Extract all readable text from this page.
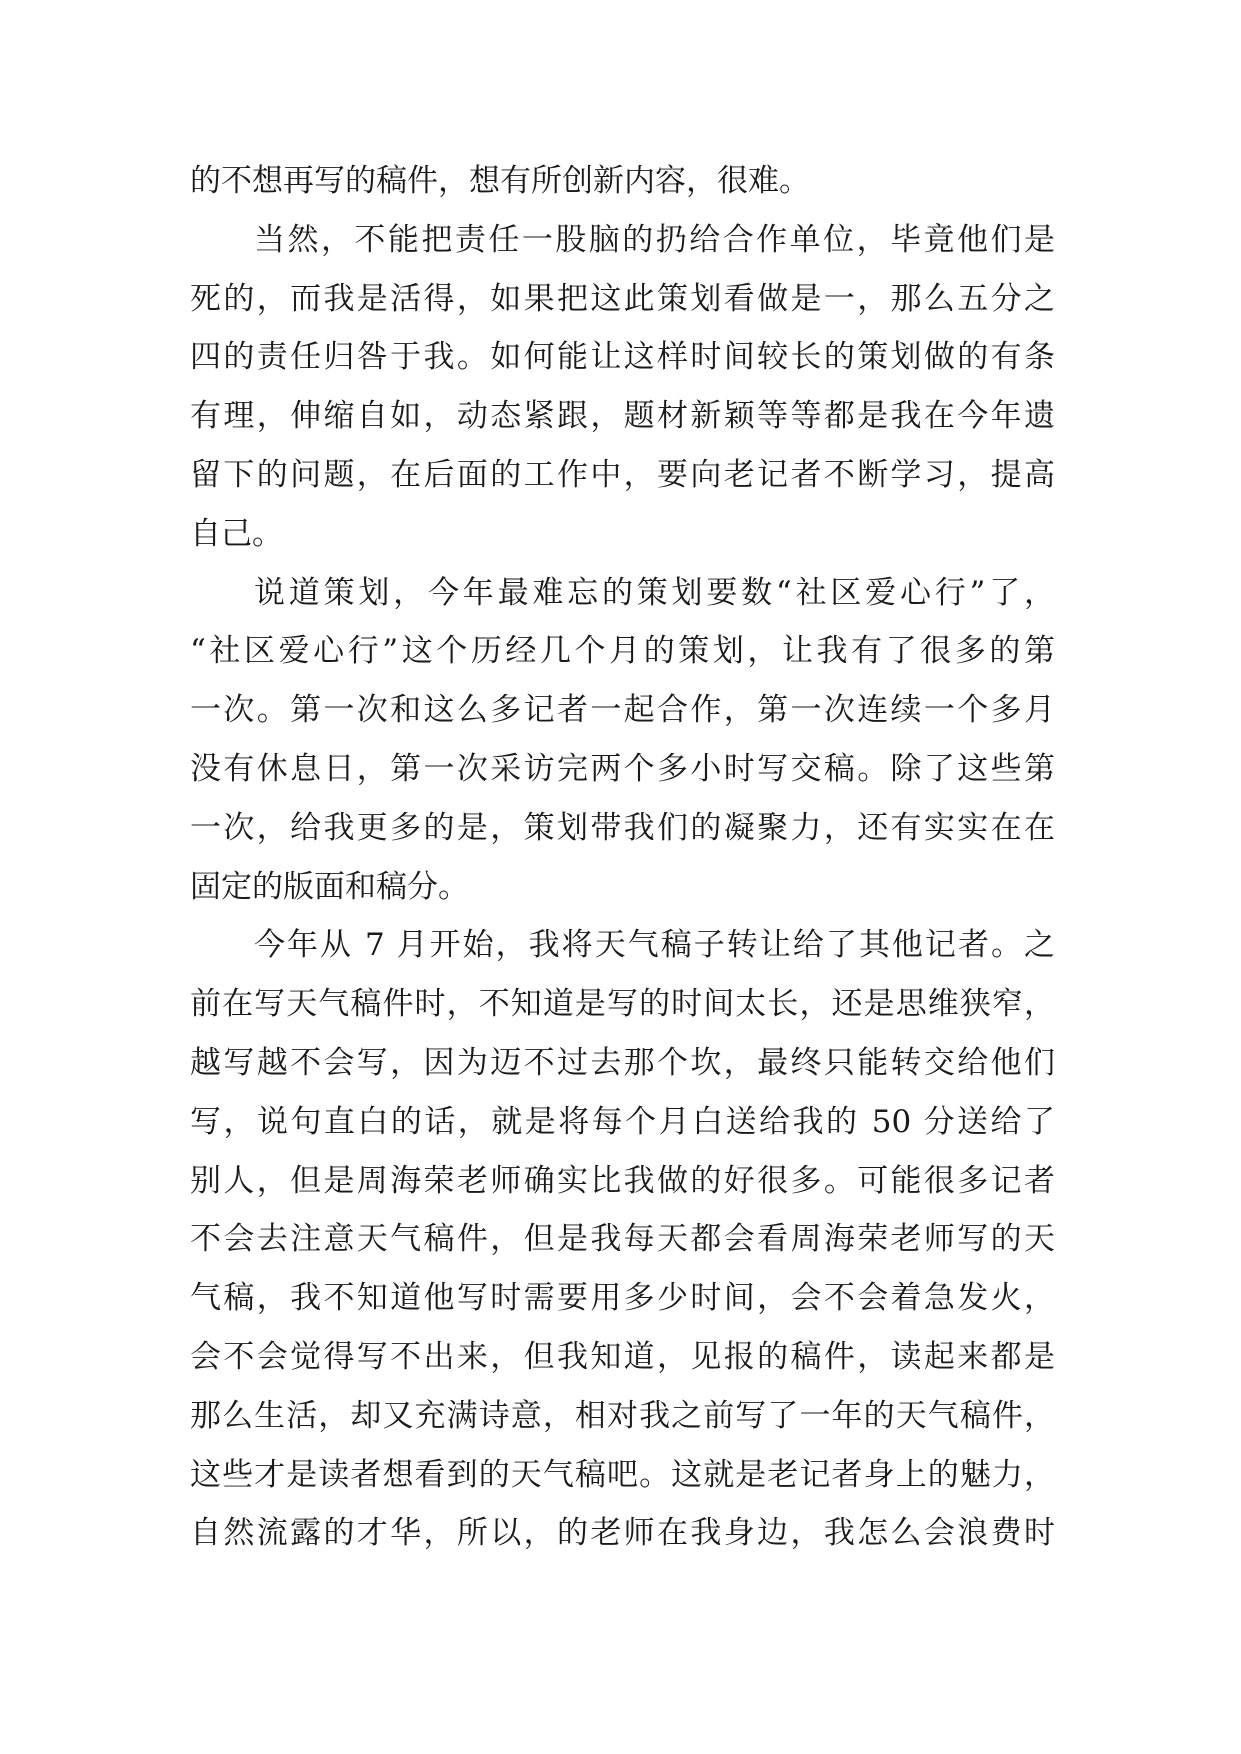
的不想再写的稿件，想有所创新内容，很难。
当然，不能把责任一股脑的扔给合作单位，毕竟他们是
死的，而我是活得，如果把这此策划看做是一，那么五分之
四的责任归咎于我。如何能让这样时间较长的策划做的有条
有理，伸缩自如，动态紧跟，题材新颖等等都是我在今年遗
留下的问题，在后面的工作中，要向老记者不断学习，提高
自己。
说道策划，今年最难忘的策划要数“社区爱心行”了，
“社区爱心行”这个历经几个月的策划，让我有了很多的第
一次。第一次和这么多记者一起合作，第一次连续一个多月
没有休息日，第一次采访完两个多小时写交稿。除了这些第
一次，给我更多的是，策划带我们的凝聚力，还有实实在在
固定的版面和稿分。
今年从 7 月开始，我将天气稿子转让给了其他记者。之
前在写天气稿件时，不知道是写的时间太长，还是思维狭窄，
越写越不会写，因为迈不过去那个坎，最终只能转交给他们
写，说句直白的话，就是将每个月白送给我的 50 分送给了
别人，但是周海荣老师确实比我做的好很多。可能很多记者
不会去注意天气稿件，但是我每天都会看周海荣老师写的天
气稿，我不知道他写时需要用多少时间，会不会着急发火，
会不会觉得写不出来，但我知道，见报的稿件，读起来都是
那么生活，却又充满诗意，相对我之前写了一年的天气稿件，
这些才是读者想看到的天气稿吧。这就是老记者身上的魅力，
自然流露的才华，所以，的老师在我身边，我怎么会浪费时
